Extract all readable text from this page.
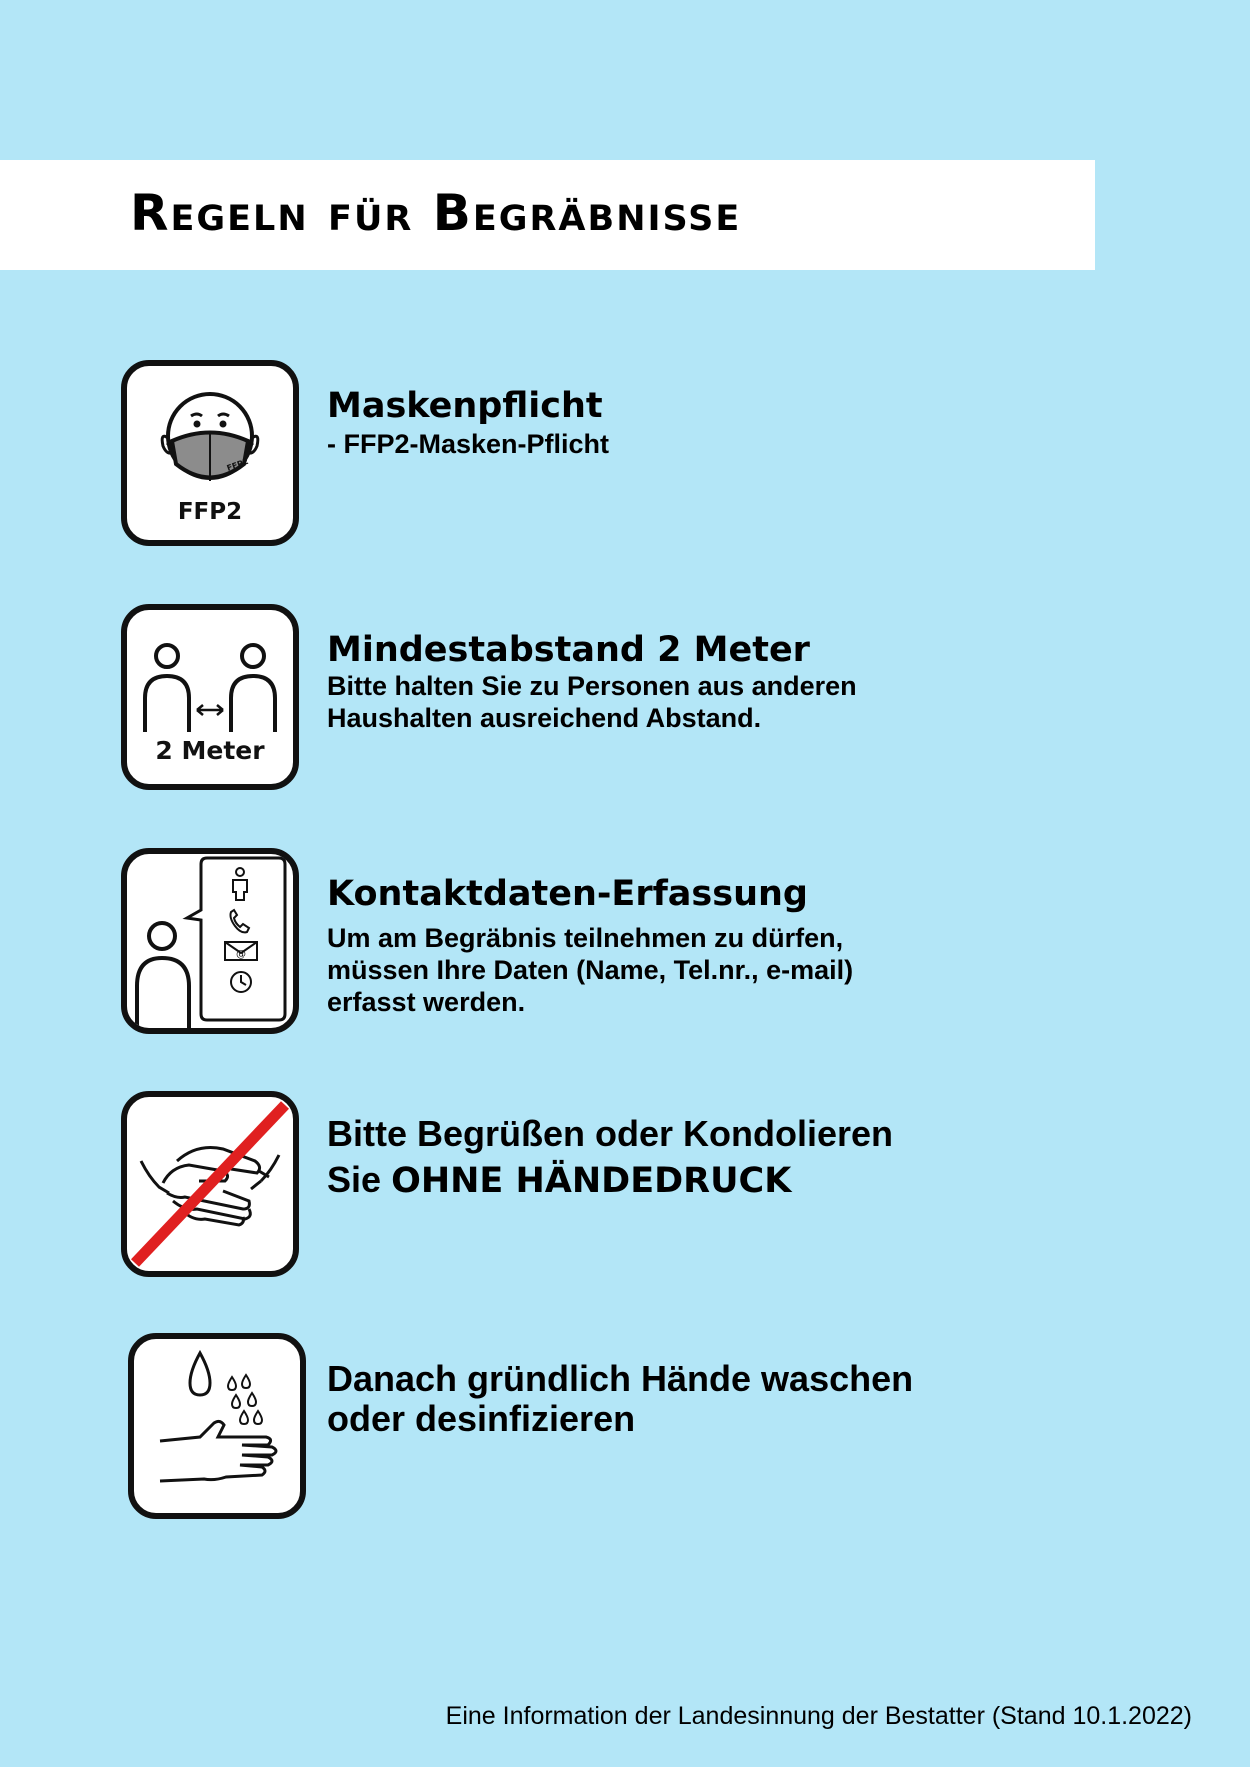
Regeln für Begräbnisse
FFP2
FFP2

Maskenpflicht

- FFP2-Masken-Pflicht

2 Meter

Mindestabstand 2 Meter

Bitte halten Sie zu Personen aus anderen

Haushalten ausreichend Abstand.

@

Kontaktdaten-Erfassung

Um am Begräbnis teilnehmen zu dürfen,

müssen Ihre Daten (Name, Tel.nr., e-mail)

erfasst werden.

Bitte Begrüßen oder Kondolieren

Sie OHNE HÄNDEDRUCK

Danach gründlich Hände waschen

oder desinfizieren

Eine Information der Landesinnung der Bestatter (Stand 10.1.2022)
